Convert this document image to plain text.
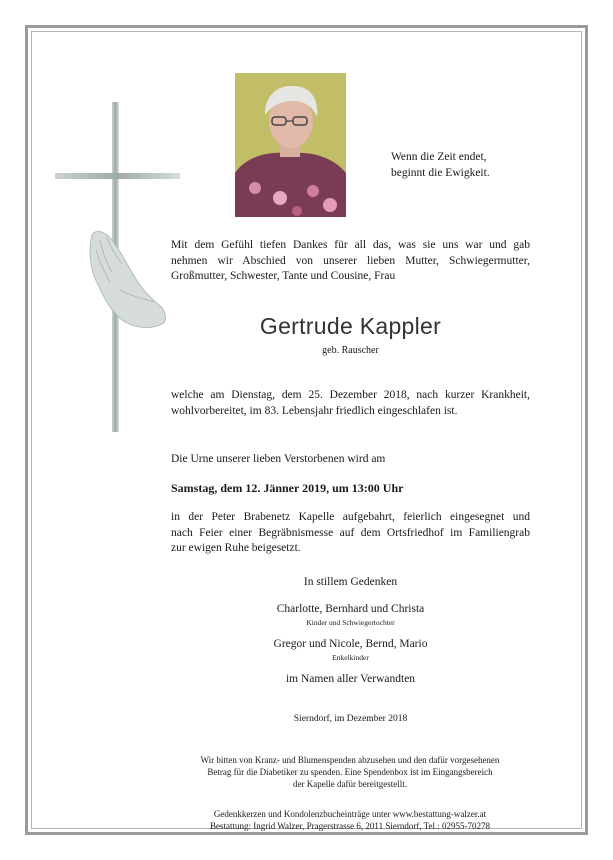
Wenn die Zeit endet,
beginnt die Ewigkeit.
Mit dem Gefühl tiefen Dankes für all das, was sie uns war und gab
nehmen wir Abschied von unserer lieben Mutter, Schwiegermutter,
Großmutter, Schwester, Tante und Cousine, Frau
Gertrude Kappler
geb. Rauscher
welche am Dienstag, dem 25. Dezember 2018, nach kurzer Krankheit,
wohlvorbereitet, im 83. Lebensjahr friedlich eingeschlafen ist.
Die Urne unserer lieben Verstorbenen wird am
Samstag, dem 12. Jänner 2019, um 13:00 Uhr
in der Peter Brabenetz Kapelle aufgebahrt, feierlich eingesegnet und
nach Feier einer Begräbnismesse auf dem Ortsfriedhof im Familiengrab
zur ewigen Ruhe beigesetzt.
In stillem Gedenken
Charlotte, Bernhard und Christa
Kinder und Schwiegertochter
Gregor und Nicole, Bernd, Mario
Enkelkinder
im Namen aller Verwandten
Sierndorf, im Dezember 2018
Wir bitten von Kranz- und Blumenspenden abzusehen und den dafür vorgesehenen
Betrag für die Diabetiker zu spenden. Eine Spendenbox ist im Eingangsbereich
der Kapelle dafür bereitgestellt.
Gedenkkerzen und Kondolenzbucheinträge unter www.bestattung-walzer.at
Bestattung: Ingrid Walzer, Pragerstrasse 6, 2011 Sierndorf, Tel.: 02955-70278
